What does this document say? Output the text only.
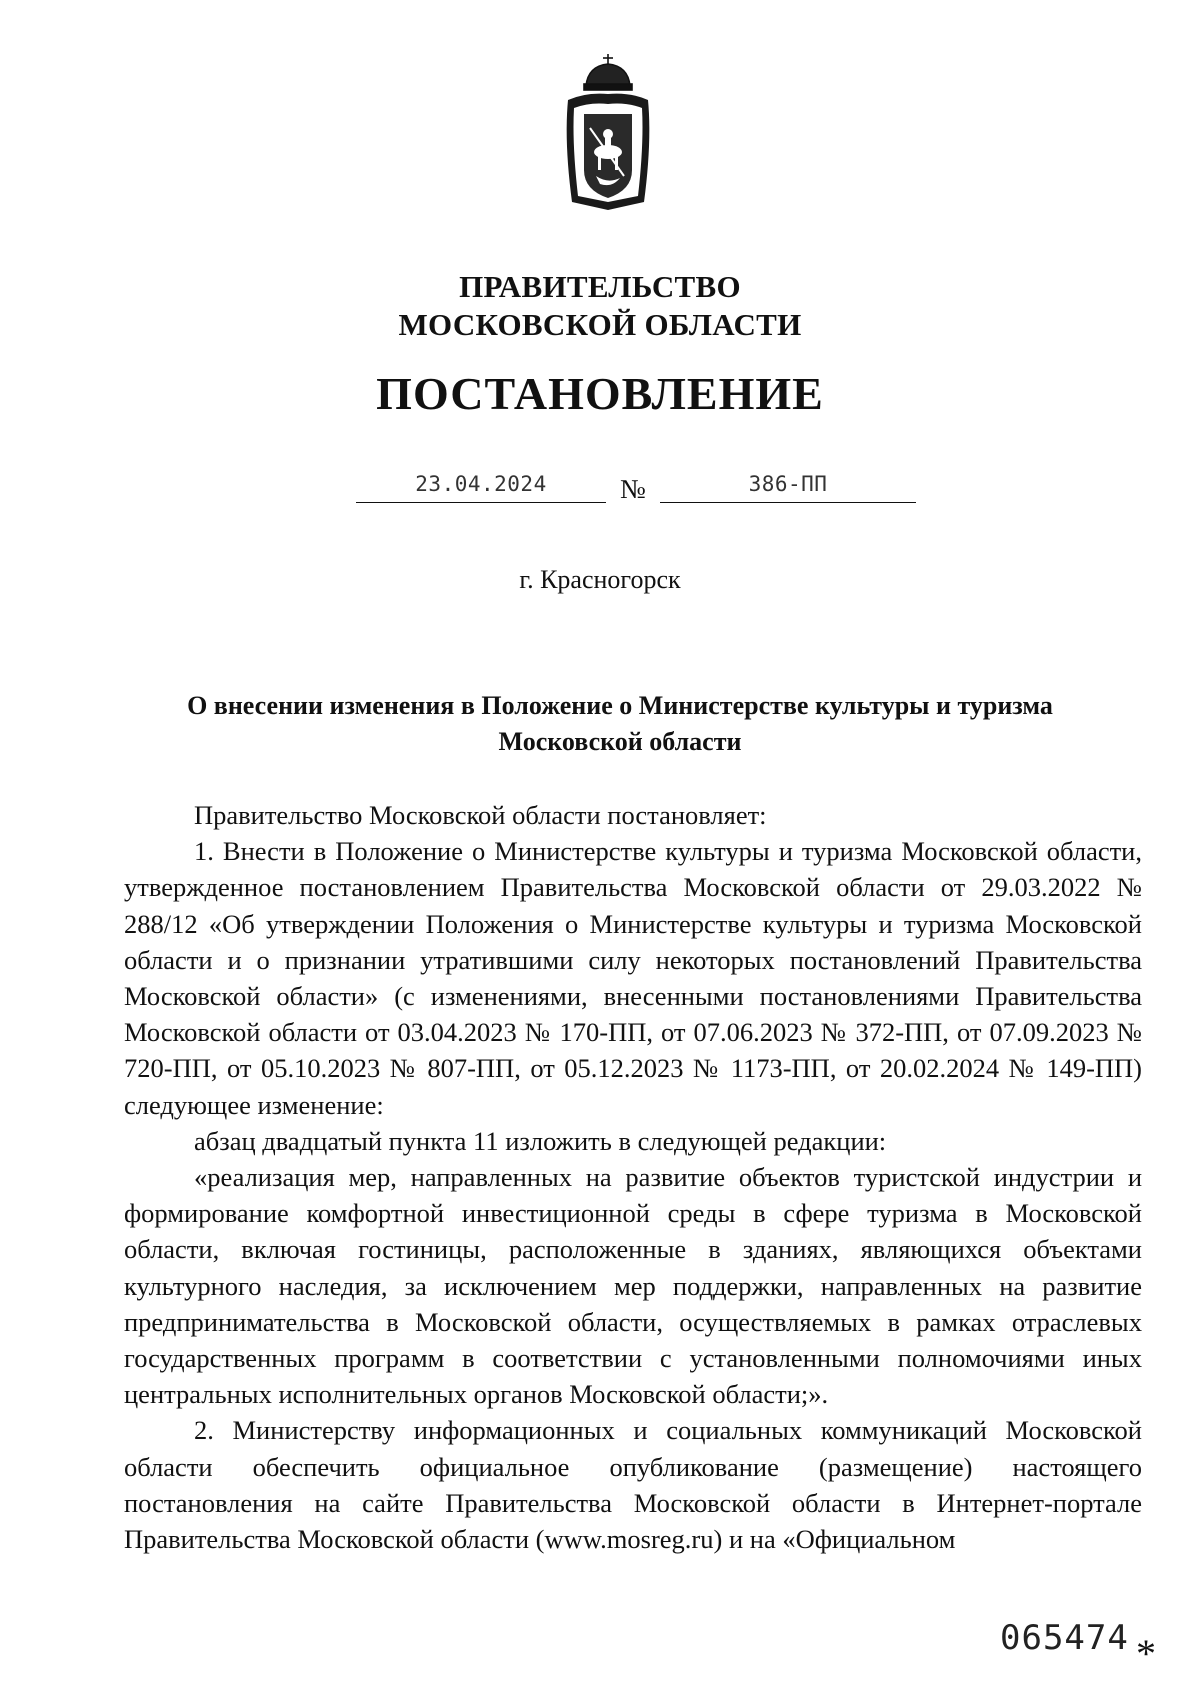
ПРАВИТЕЛЬСТВО
МОСКОВСКОЙ ОБЛАСТИ
ПОСТАНОВЛЕНИЕ
23.04.2024	№	386-ПП
г. Красногорск
О внесении изменения в Положение о Министерстве культуры и туризма
Московской области

Правительство Московской области постановляет:

1. Внести в Положение о Министерстве культуры и туризма Московской области, утвержденное постановлением Правительства Московской области от 29.03.2022 № 288/12 «Об утверждении Положения о Министерстве культуры и туризма Московской области и о признании утратившими силу некоторых постановлений Правительства Московской области» (с изменениями, внесенными постановлениями Правительства Московской области от 03.04.2023 № 170-ПП, от 07.06.2023 № 372-ПП, от 07.09.2023 № 720-ПП, от 05.10.2023 № 807-ПП, от 05.12.2023 № 1173-ПП, от 20.02.2024 № 149-ПП) следующее изменение:

абзац двадцатый пункта 11 изложить в следующей редакции:

«реализация мер, направленных на развитие объектов туристской индустрии и формирование комфортной инвестиционной среды в сфере туризма в Московской области, включая гостиницы, расположенные в зданиях, являющихся объектами культурного наследия, за исключением мер поддержки, направленных на развитие предпринимательства в Московской области, осуществляемых в рамках отраслевых государственных программ в соответствии с установленными полномочиями иных центральных исполнительных органов Московской области;».

2. Министерству информационных и социальных коммуникаций Московской области обеспечить официальное опубликование (размещение) настоящего постановления на сайте Правительства Московской области в Интернет-портале Правительства Московской области (www.mosreg.ru) и на «Официальном

065474 *
